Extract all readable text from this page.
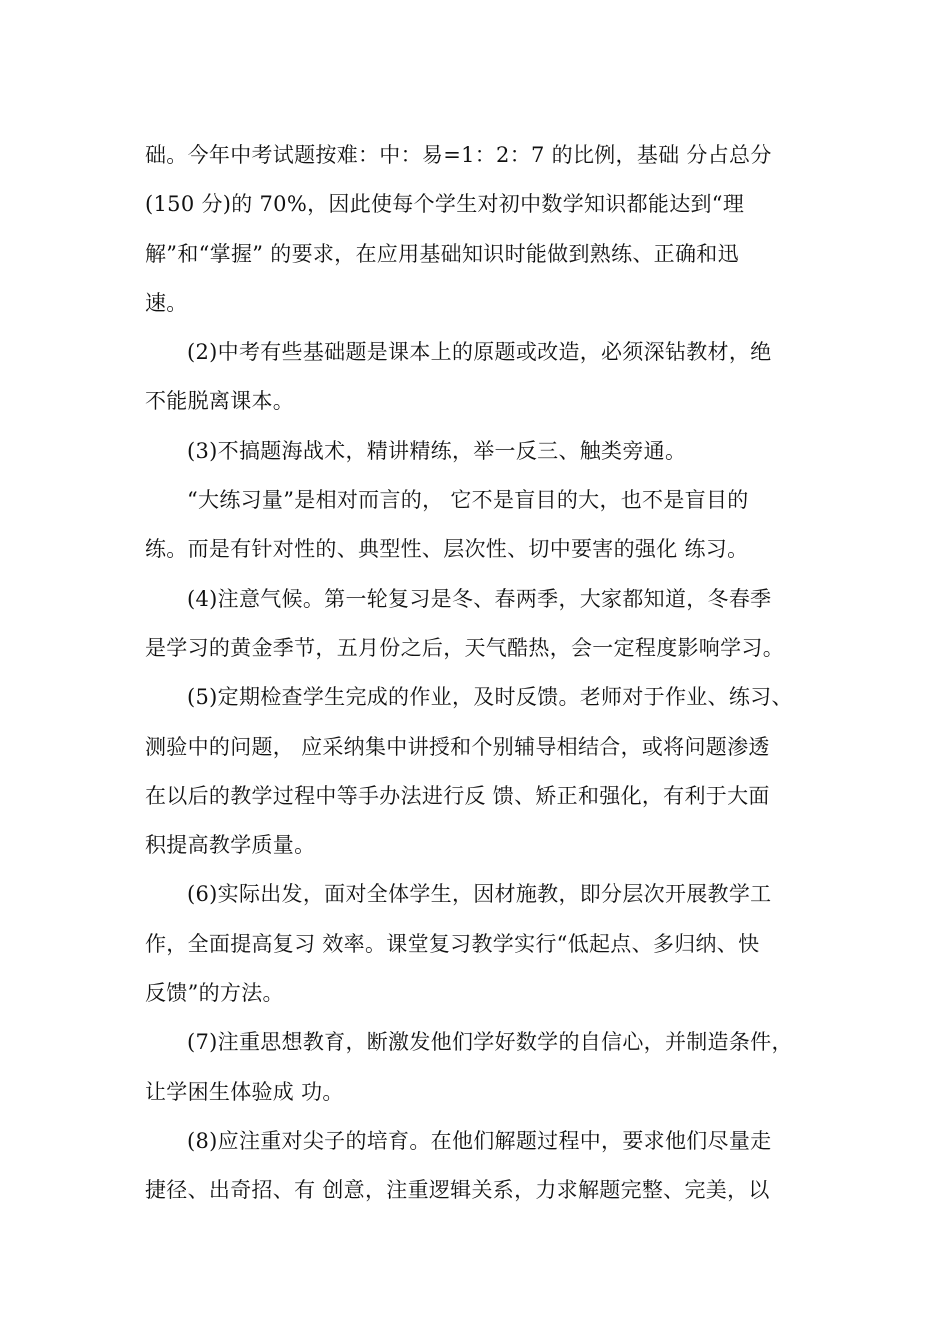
础。今年中考试题按难：中：易=1：2：7 的比例，基础 分占总分
(150 分)的 70%，因此使每个学生对初中数学知识都能达到“理
解”和“掌握” 的要求，在应用基础知识时能做到熟练、正确和迅
速。

(2)中考有些基础题是课本上的原题或改造，必须深钻教材，绝
不能脱离课本。

(3)不搞题海战术，精讲精练，举一反三、触类旁通。

“大练习量”是相对而言的， 它不是盲目的大，也不是盲目的
练。而是有针对性的、典型性、层次性、切中要害的强化 练习。

(4)注意气候。第一轮复习是冬、春两季，大家都知道，冬春季
是学习的黄金季节，五月份之后，天气酷热，会一定程度影响学习。

(5)定期检查学生完成的作业，及时反馈。老师对于作业、练习、
测验中的问题， 应采纳集中讲授和个别辅导相结合，或将问题渗透
在以后的教学过程中等手办法进行反 馈、矫正和强化，有利于大面
积提高教学质量。

(6)实际出发，面对全体学生，因材施教，即分层次开展教学工
作，全面提高复习 效率。课堂复习教学实行“低起点、多归纳、快
反馈”的方法。

(7)注重思想教育，断激发他们学好数学的自信心，并制造条件，
让学困生体验成 功。

(8)应注重对尖子的培育。在他们解题过程中，要求他们尽量走
捷径、出奇招、有 创意，注重逻辑关系，力求解题完整、完美，以
